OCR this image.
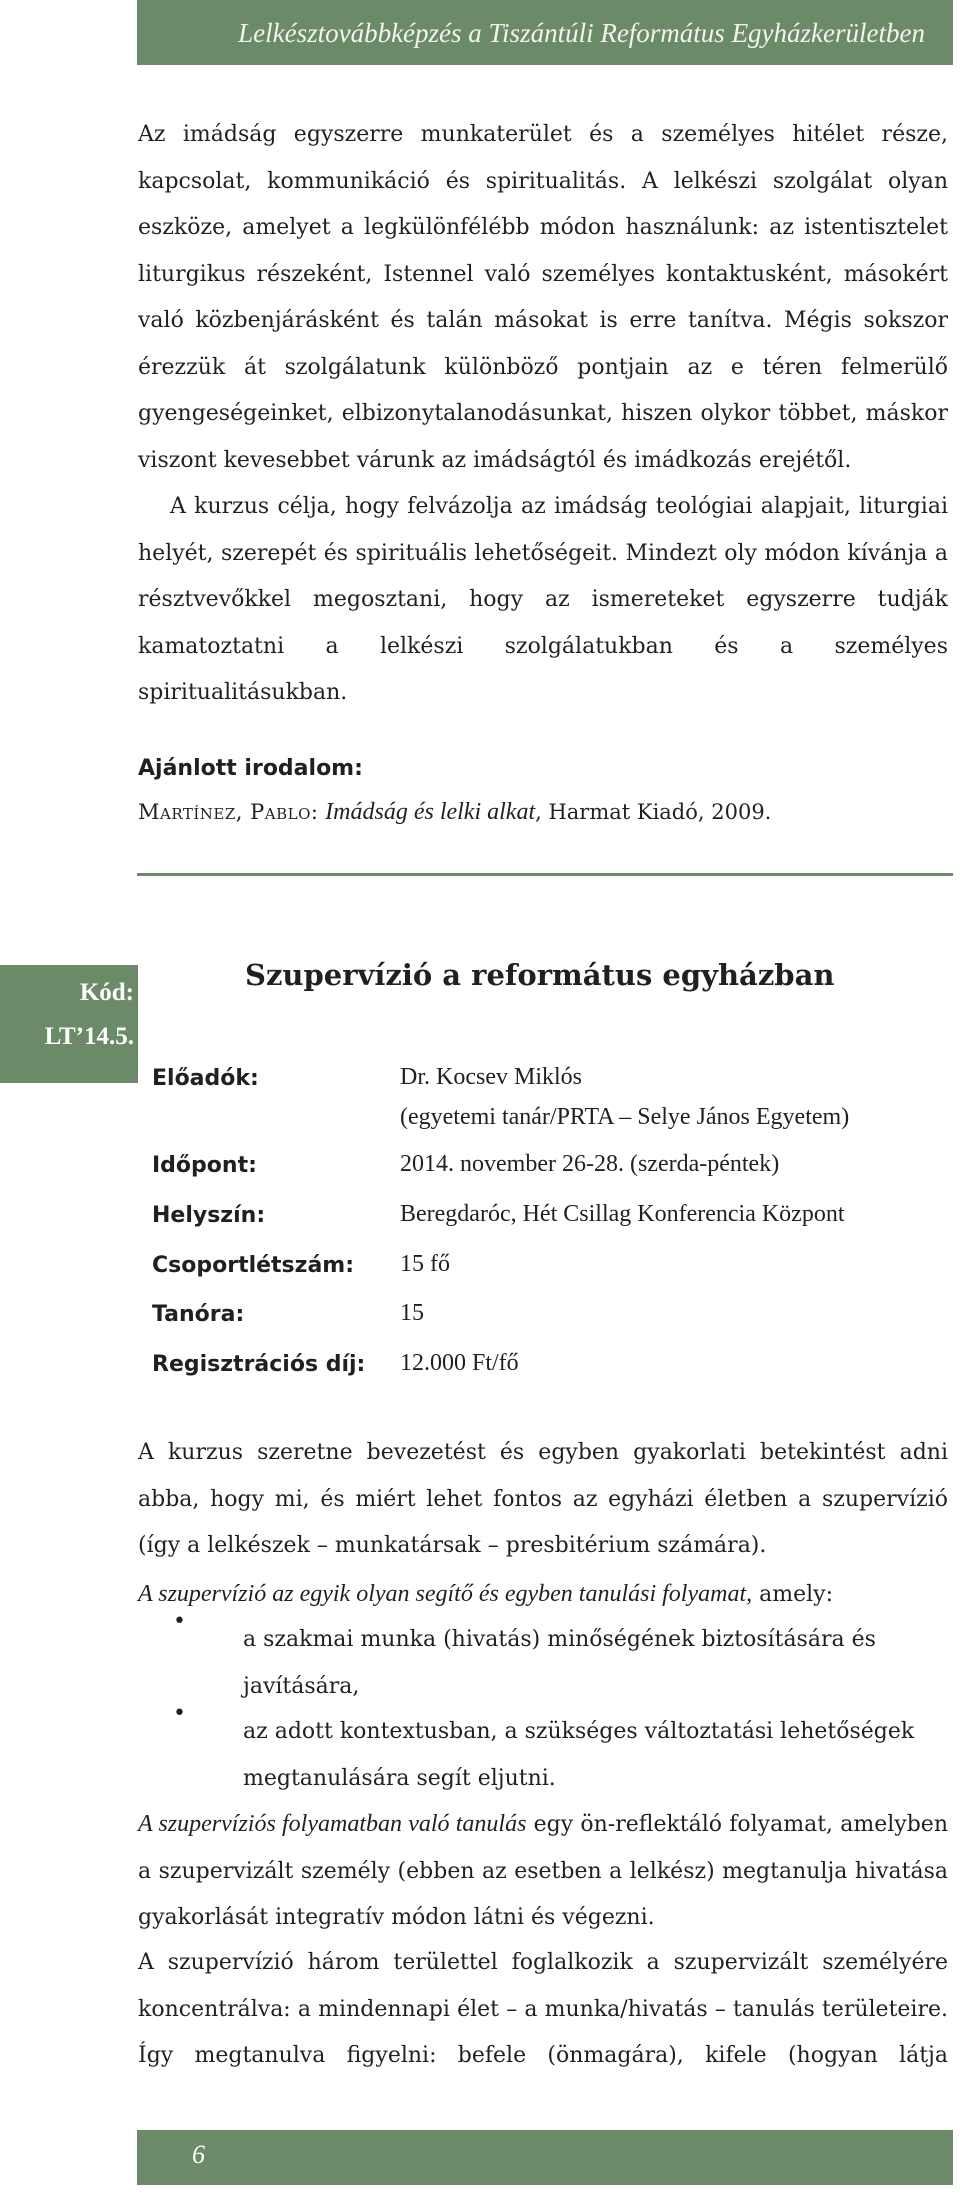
Lelkésztovábbképzés a Tiszántúli Református Egyházkerületben

Az imádság egyszerre munkaterület és a személyes hitélet része, kapcsolat, kommunikáció és spiritualitás. A lelkészi szolgálat olyan eszköze, amelyet a legkülönfélébb módon használunk: az istentisztelet liturgikus részeként, Istennel való személyes kontaktusként, másokért való közbenjárásként és talán másokat is erre tanítva. Mégis sokszor érezzük át szolgálatunk különböző pontjain az e téren felmerülő gyengeségeinket, elbizonytalanodásunkat, hiszen olykor többet, máskor viszont kevesebbet várunk az imádságtól és imádkozás erejétől.

A kurzus célja, hogy felvázolja az imádság teológiai alapjait, liturgiai helyét, szerepét és spirituális lehetőségeit. Mindezt oly módon kívánja a résztvevőkkel megosztani, hogy az ismereteket egyszerre tudják kamatoztatni a lelkészi szolgálatukban és a személyes spiritualitásukban.

Ajánlott irodalom:
Martínez, Pablo: Imádság és lelki alkat, Harmat Kiadó, 2009.
Kód:
LT’14.5.
Szupervízió a református egyházban
Előadók:	Dr. Kocsev Miklós
(egyetemi tanár/PRTA – Selye János Egyetem)
Időpont:	2014. november 26-28. (szerda-péntek)
Helyszín:	Beregdaróc, Hét Csillag Konferencia Központ
Csoportlétszám: 15 fő
Tanóra:	15
Regisztrációs díj: 12.000 Ft/fő

A kurzus szeretne bevezetést és egyben gyakorlati betekintést adni abba, hogy mi, és miért lehet fontos az egyházi életben a szupervízió (így a lelkészek – munkatársak – presbitérium számára).

A szupervízió az egyik olyan segítő és egyben tanulási folyamat, amely:
•
a szakmai munka (hivatás) minőségének biztosítására és javítására,
•
az adott kontextusban, a szükséges változtatási lehetőségek megtanulására segít eljutni.

A szupervíziós folyamatban való tanulás egy ön-reflektáló folyamat, amelyben a szupervizált személy (ebben az esetben a lelkész) megtanulja hivatása gyakorlását integratív módon látni és végezni.

A szupervízió három területtel foglalkozik a szupervizált személyére koncentrálva: a mindennapi élet – a munka/hivatás – tanulás területeire. Így megtanulva figyelni: befele (önmagára), kifele (hogyan látja

6
